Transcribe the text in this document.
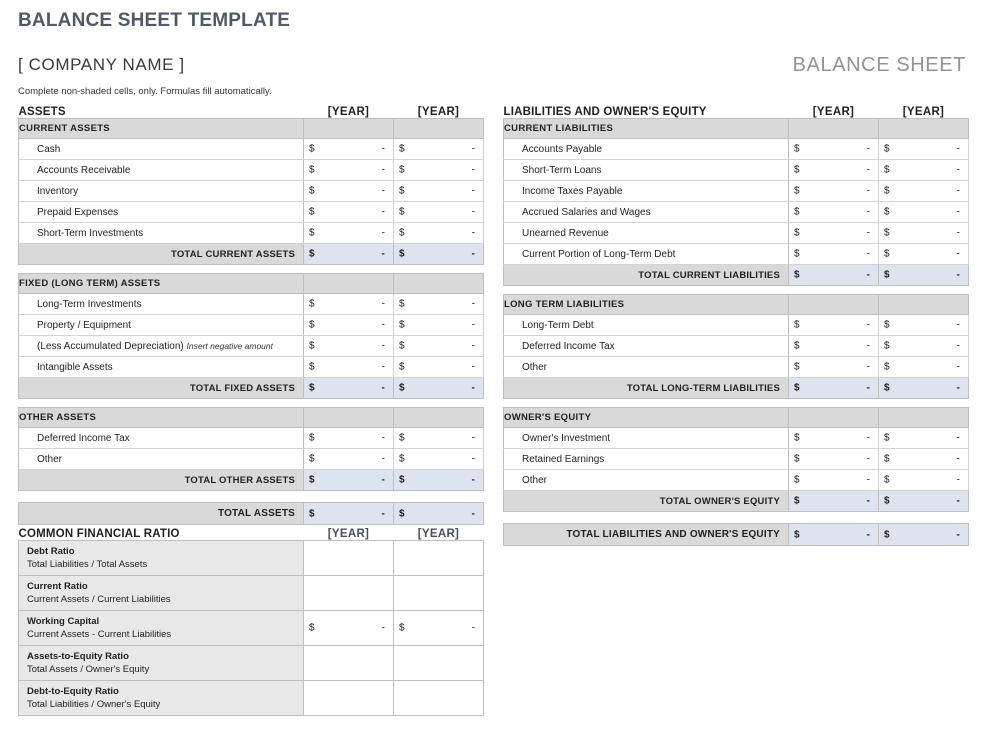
BALANCE SHEET TEMPLATE
[ COMPANY NAME ]	BALANCE SHEET
Complete non-shaded cells, only. Formulas fill automatically.
ASSETS	[YEAR]	[YEAR]
CURRENT ASSETS		
Cash	$ -	$ -

Accounts Receivable	$ -	$ -

Inventory	$ -	$ -

Prepaid Expenses	$ -	$ -

Short-Term Investments	$ -	$ -

TOTAL CURRENT ASSETS	$ -	$ -

FIXED (LONG TERM) ASSETS		
Long-Term Investments	$ -	$ -

Property / Equipment	$ -	$ -

(Less Accumulated Depreciation) Insert negative amount	$ -	$ -

Intangible Assets	$ -	$ -

TOTAL FIXED ASSETS	$ -	$ -

OTHER ASSETS		
Deferred Income Tax	$ -	$ -

Other	$ -	$ -

TOTAL OTHER ASSETS	$ -	$ -
TOTAL ASSETS	$	-	$	-
LIABILITIES AND OWNER'S EQUITY	[YEAR]	[YEAR]
CURRENT LIABILITIES		
Accounts Payable	$ -	$ -

Short-Term Loans	$ -	$ -

Income Taxes Payable	$ -	$ -

Accrued Salaries and Wages	$ -	$ -

Unearned Revenue	$ -	$ -

Current Portion of Long-Term Debt	$ -	$ -

TOTAL CURRENT LIABILITIES	$ -	$ -

LONG TERM LIABILITIES		
Long-Term Debt	$ -	$ -

Deferred Income Tax	$ -	$ -

Other	$ -	$ -

TOTAL LONG-TERM LIABILITIES	$ -	$ -

OWNER'S EQUITY		
Owner's Investment	$ -	$ -

Retained Earnings	$ -	$ -

Other	$ -	$ -

TOTAL OWNER'S EQUITY	$ -	$ -
TOTAL LIABILITIES AND OWNER'S EQUITY	$	-	$	-
COMMON FINANCIAL RATIO	[YEAR]	[YEAR]

Debt Ratio
Total Liabilities / Total Assets		

Current Ratio
Current Assets / Current Liabilities		

Working Capital
Current Assets - Current Liabilities	$ -	$ -

Assets-to-Equity Ratio
Total Assets / Owner's Equity		

Debt-to-Equity Ratio
Total Liabilities / Owner's Equity		
